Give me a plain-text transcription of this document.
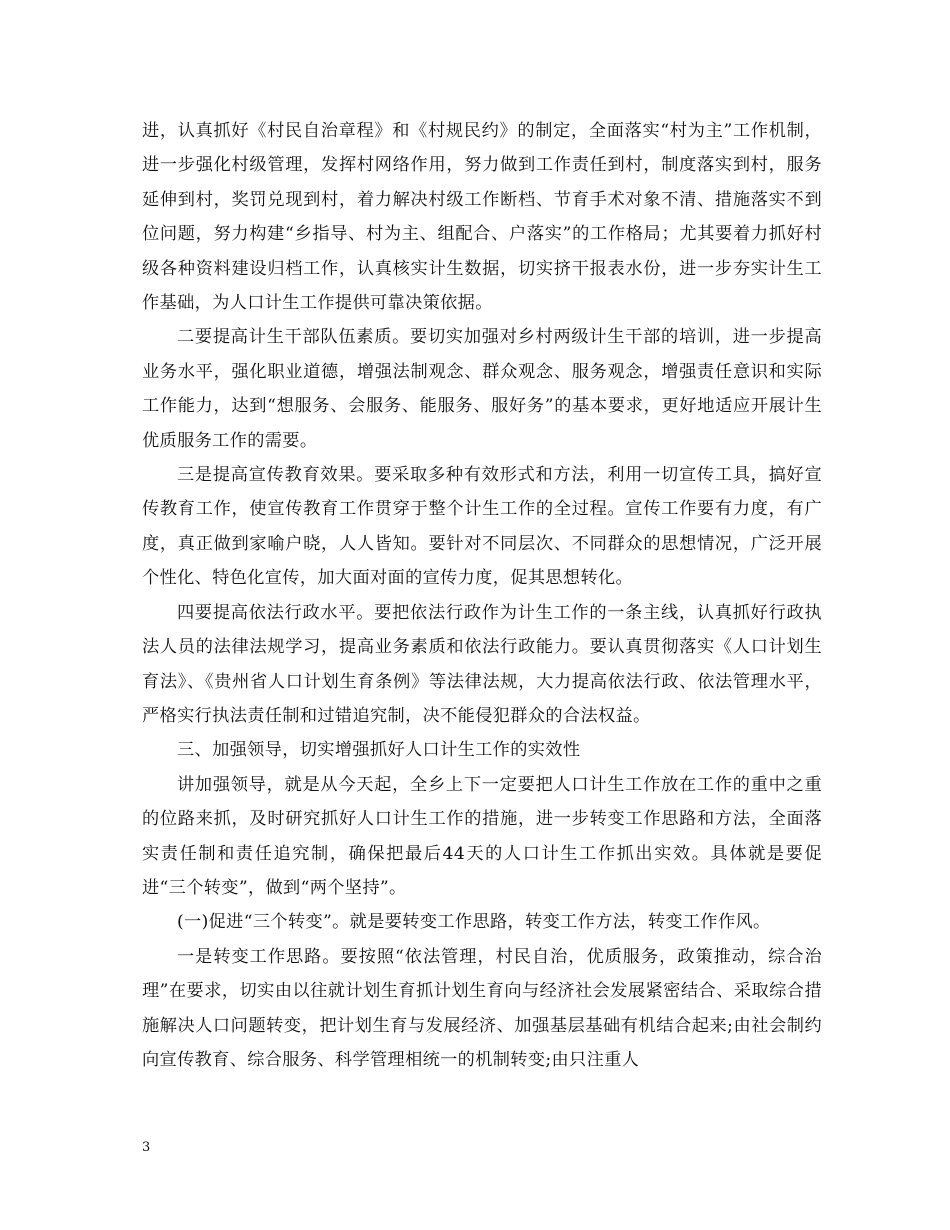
进，认真抓好《村民自治章程》和《村规民约》的制定，全面落实“村为主”工作机制，进一步强化村级管理，发挥村网络作用，努力做到工作责任到村，制度落实到村，服务延伸到村，奖罚兑现到村，着力解决村级工作断档、节育手术对象不清、措施落实不到位问题，努力构建“乡指导、村为主、组配合、户落实”的工作格局；尤其要着力抓好村级各种资料建设归档工作，认真核实计生数据，切实挤干报表水份，进一步夯实计生工作基础，为人口计生工作提供可靠决策依据。

二要提高计生干部队伍素质。要切实加强对乡村两级计生干部的培训，进一步提高业务水平，强化职业道德，增强法制观念、群众观念、服务观念，增强责任意识和实际工作能力，达到“想服务、会服务、能服务、服好务”的基本要求，更好地适应开展计生优质服务工作的需要。

三是提高宣传教育效果。要采取多种有效形式和方法，利用一切宣传工具，搞好宣传教育工作，使宣传教育工作贯穿于整个计生工作的全过程。宣传工作要有力度，有广度，真正做到家喻户晓，人人皆知。要针对不同层次、不同群众的思想情况，广泛开展个性化、特色化宣传，加大面对面的宣传力度，促其思想转化。

四要提高依法行政水平。要把依法行政作为计生工作的一条主线，认真抓好行政执法人员的法律法规学习，提高业务素质和依法行政能力。要认真贯彻落实《人口计划生育法》、《贵州省人口计划生育条例》等法律法规，大力提高依法行政、依法管理水平，严格实行执法责任制和过错追究制，决不能侵犯群众的合法权益。

三、加强领导，切实增强抓好人口计生工作的实效性

讲加强领导，就是从今天起，全乡上下一定要把人口计生工作放在工作的重中之重的位路来抓，及时研究抓好人口计生工作的措施，进一步转变工作思路和方法，全面落实责任制和责任追究制，确保把最后44天的人口计生工作抓出实效。具体就是要促进“三个转变”，做到“两个坚持”。

(一)促进“三个转变”。就是要转变工作思路，转变工作方法，转变工作作风。

一是转变工作思路。要按照“依法管理，村民自治，优质服务，政策推动，综合治理”在要求，切实由以往就计划生育抓计划生育向与经济社会发展紧密结合、采取综合措施解决人口问题转变，把计划生育与发展经济、加强基层基础有机结合起来;由社会制约向宣传教育、综合服务、科学管理相统一的机制转变;由只注重人

3
